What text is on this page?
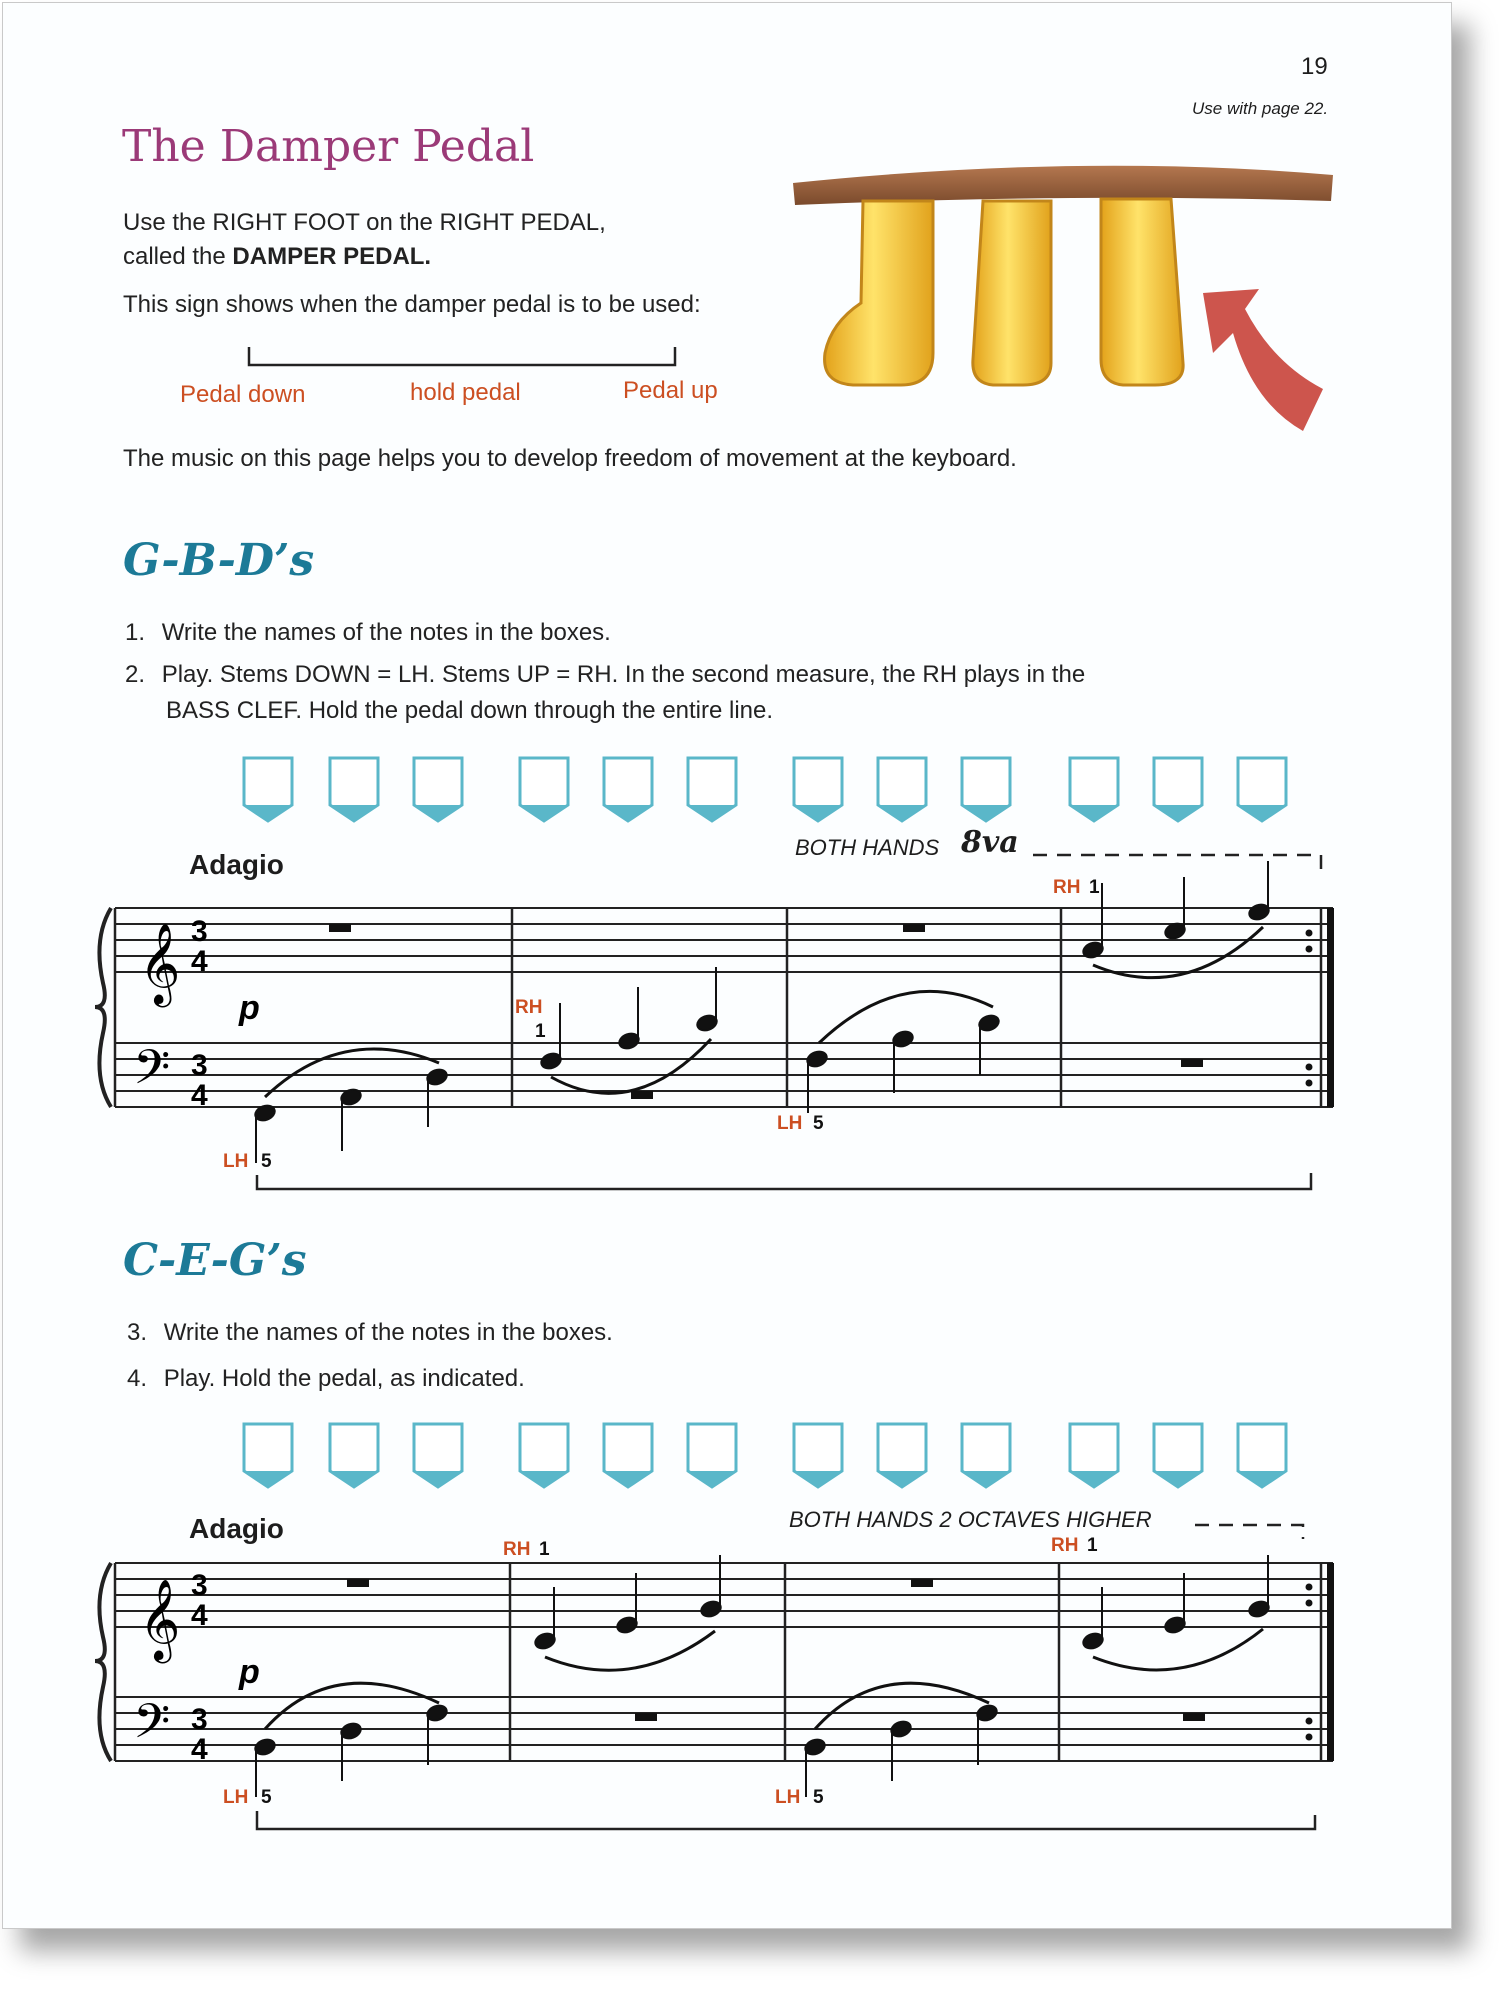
19
Use with page 22.
The Damper Pedal
Use the RIGHT FOOT on the RIGHT PEDAL,
called the DAMPER PEDAL.
This sign shows when the damper pedal is to be used:
Pedal down	hold pedal	Pedal up
The music on this page helps you to develop freedom of movement at the keyboard.
G-B-D’s
1. Write the names of the notes in the boxes.
2. Play. Stems DOWN = LH. Stems UP = RH. In the second measure, the RH plays in the
BASS CLEF. Hold the pedal down through the entire line.
Adagio
BOTH HANDS 8va
𝄞
𝄢
3
4
3
4
p	RH
1
RH 1
LH 5
LH 5
C-E-G’s
3. Write the names of the notes in the boxes.
4. Play. Hold the pedal, as indicated.
Adagio	BOTH HANDS 2 OCTAVES HIGHER
𝄞
𝄢
3
4
3
4
p
RH 1	RH 1
LH 5	LH 5
